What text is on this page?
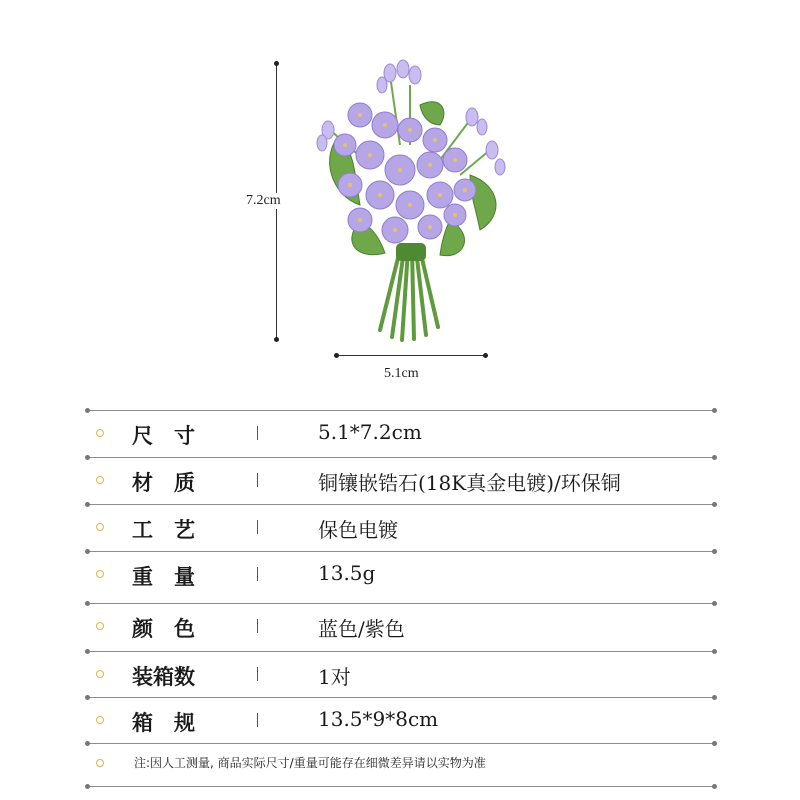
7.2cm
5.1cm
尺　寸	5.1*7.2cm
材　质	铜镶嵌锆石(18K真金电镀)/环保铜
工　艺	保色电镀
重　量	13.5g
颜　色	蓝色/紫色
装箱数	1对
箱　规	13.5*9*8cm
注:因人工测量, 商品实际尺寸/重量可能存在细微差异请以实物为准
